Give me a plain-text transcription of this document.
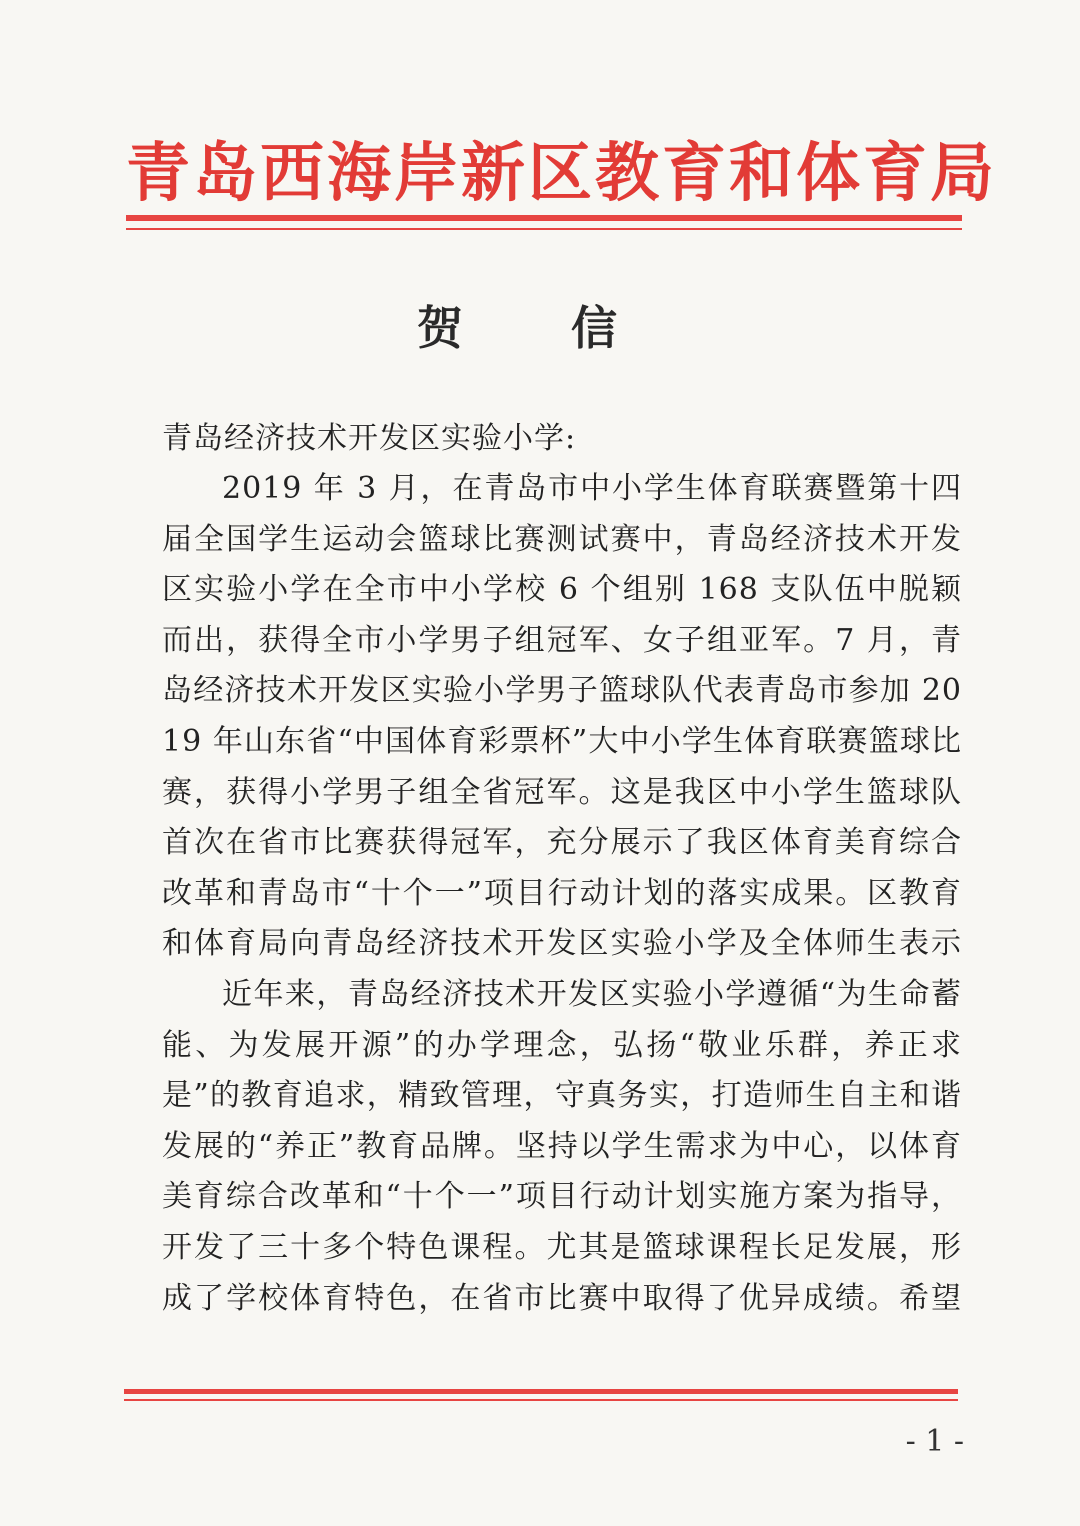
青岛西海岸新区教育和体育局
贺 信
青岛经济技术开发区实验小学:
2019 年 3 月，在青岛市中小学生体育联赛暨第十四届全国学生运动会篮球比赛测试赛中，青岛经济技术开发区实验小学在全市中小学校 6 个组别 168 支队伍中脱颖而出，获得全市小学男子组冠军、女子组亚军。7 月，青岛经济技术开发区实验小学男子篮球队代表青岛市参加 2019 年山东省“中国体育彩票杯”大中小学生体育联赛篮球比赛，获得小学男子组全省冠军。这是我区中小学生篮球队首次在省市比赛获得冠军，充分展示了我区体育美育综合改革和青岛市“十个一”项目行动计划的落实成果。区教育和体育局向青岛经济技术开发区实验小学及全体师生表示
近年来，青岛经济技术开发区实验小学遵循“为生命蓄能、为发展开源”的办学理念，弘扬“敬业乐群，养正求是”的教育追求，精致管理，守真务实，打造师生自主和谐发展的“养正”教育品牌。坚持以学生需求为中心，以体育美育综合改革和“十个一”项目行动计划实施方案为指导，开发了三十多个特色课程。尤其是篮球课程长足发展，形成了学校体育特色，在省市比赛中取得了优异成绩。希望
- 1 -
